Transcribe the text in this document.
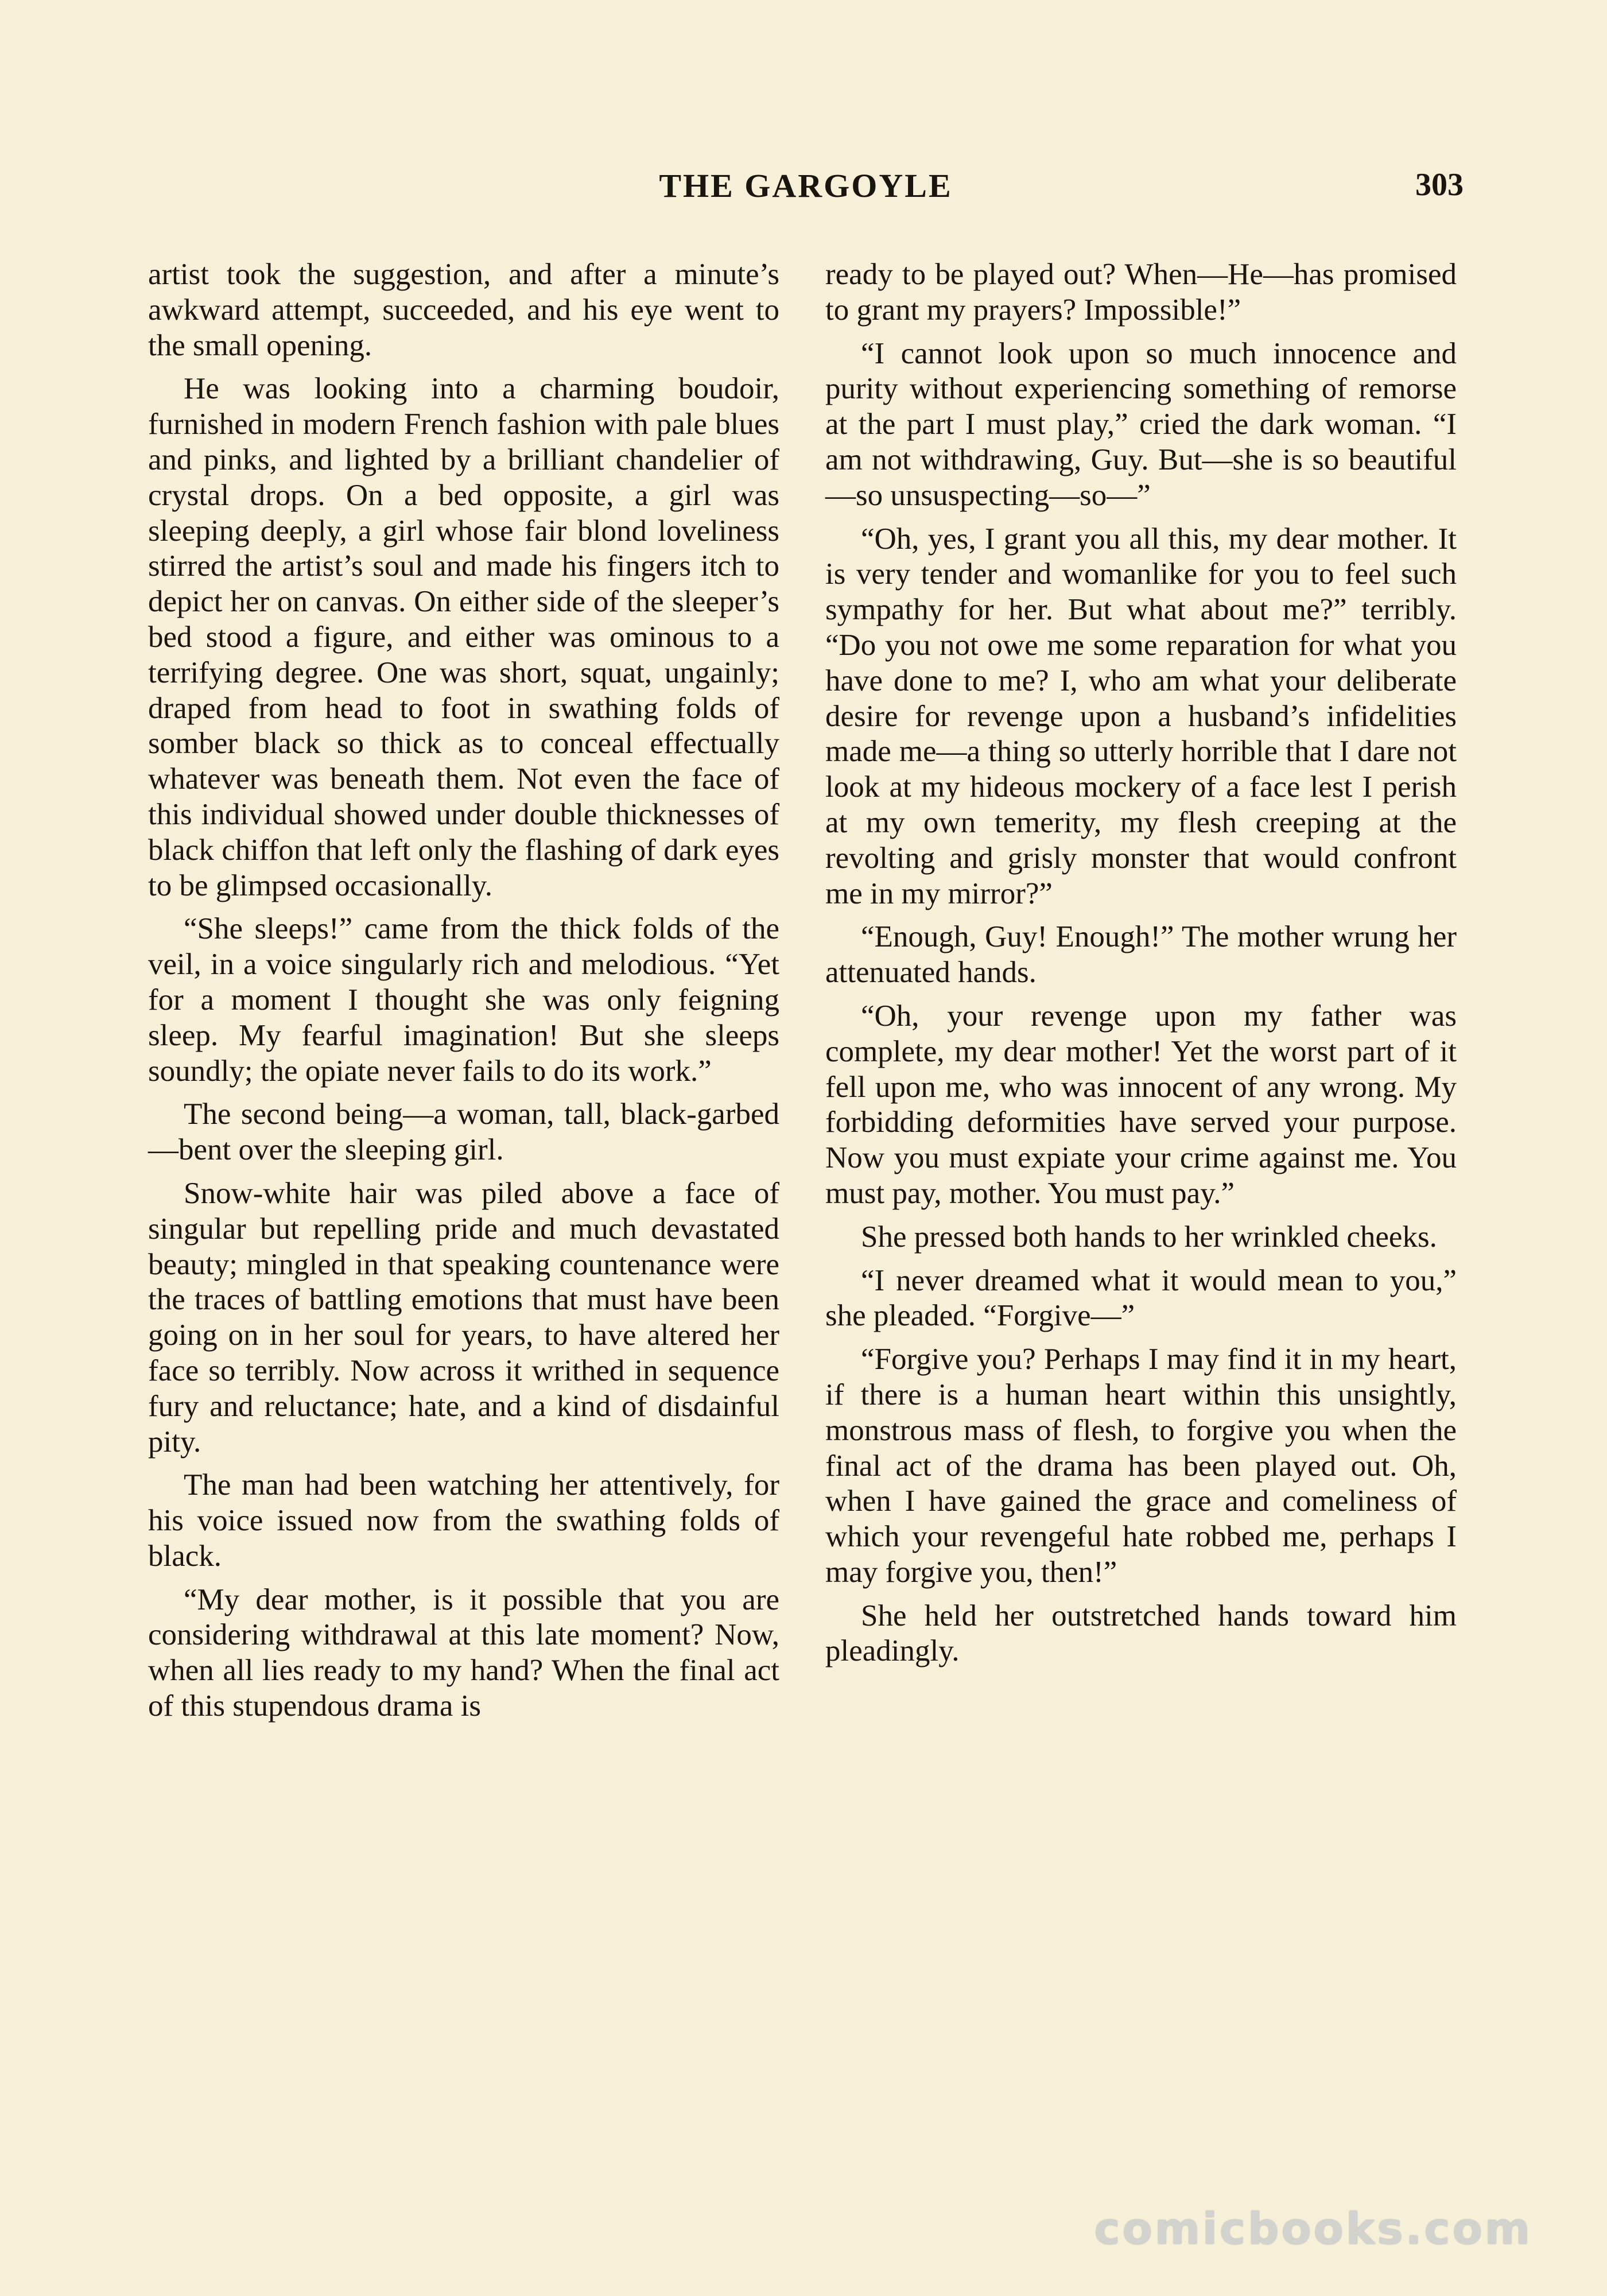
THE GARGOYLE	303

artist took the suggestion, and after a minute’s awkward attempt, succeeded, and his eye went to the small opening.

He was looking into a charming boudoir, furnished in modern French fashion with pale blues and pinks, and lighted by a brilliant chandelier of crystal drops. On a bed opposite, a girl was sleeping deeply, a girl whose fair blond loveliness stirred the artist’s soul and made his fingers itch to depict her on canvas. On either side of the sleeper’s bed stood a figure, and either was ominous to a terrifying degree. One was short, squat, ungainly; draped from head to foot in swathing folds of somber black so thick as to conceal effectually whatever was beneath them. Not even the face of this individual showed under double thicknesses of black chiffon that left only the flashing of dark eyes to be glimpsed occasionally.

“She sleeps!” came from the thick folds of the veil, in a voice singularly rich and melodious. “Yet for a moment I thought she was only feigning sleep. My fearful imagination! But she sleeps soundly; the opiate never fails to do its work.”

The second being—a woman, tall, black-garbed—bent over the sleeping girl.

Snow-white hair was piled above a face of singular but repelling pride and much devastated beauty; mingled in that speaking countenance were the traces of battling emotions that must have been going on in her soul for years, to have altered her face so terribly. Now across it writhed in sequence fury and reluctance; hate, and a kind of disdainful pity.

The man had been watching her attentively, for his voice issued now from the swathing folds of black.

“My dear mother, is it possible that you are considering withdrawal at this late moment? Now, when all lies ready to my hand? When the final act of this stupendous drama is

ready to be played out? When—He—has promised to grant my prayers? Impossible!”

“I cannot look upon so much innocence and purity without experiencing something of remorse at the part I must play,” cried the dark woman. “I am not withdrawing, Guy. But—she is so beautiful—so unsuspecting—so—”

“Oh, yes, I grant you all this, my dear mother. It is very tender and womanlike for you to feel such sympathy for her. But what about me?” terribly. “Do you not owe me some reparation for what you have done to me? I, who am what your deliberate desire for revenge upon a husband’s infidelities made me—a thing so utterly horrible that I dare not look at my hideous mockery of a face lest I perish at my own temerity, my flesh creeping at the revolting and grisly monster that would confront me in my mirror?”

“Enough, Guy! Enough!” The mother wrung her attenuated hands.

“Oh, your revenge upon my father was complete, my dear mother! Yet the worst part of it fell upon me, who was innocent of any wrong. My forbidding deformities have served your purpose. Now you must expiate your crime against me. You must pay, mother. You must pay.”

She pressed both hands to her wrinkled cheeks.

“I never dreamed what it would mean to you,” she pleaded. “Forgive—”

“Forgive you? Perhaps I may find it in my heart, if there is a human heart within this unsightly, monstrous mass of flesh, to forgive you when the final act of the drama has been played out. Oh, when I have gained the grace and comeliness of which your revengeful hate robbed me, perhaps I may forgive you, then!”

She held her outstretched hands toward him pleadingly.

comicbooks.com
